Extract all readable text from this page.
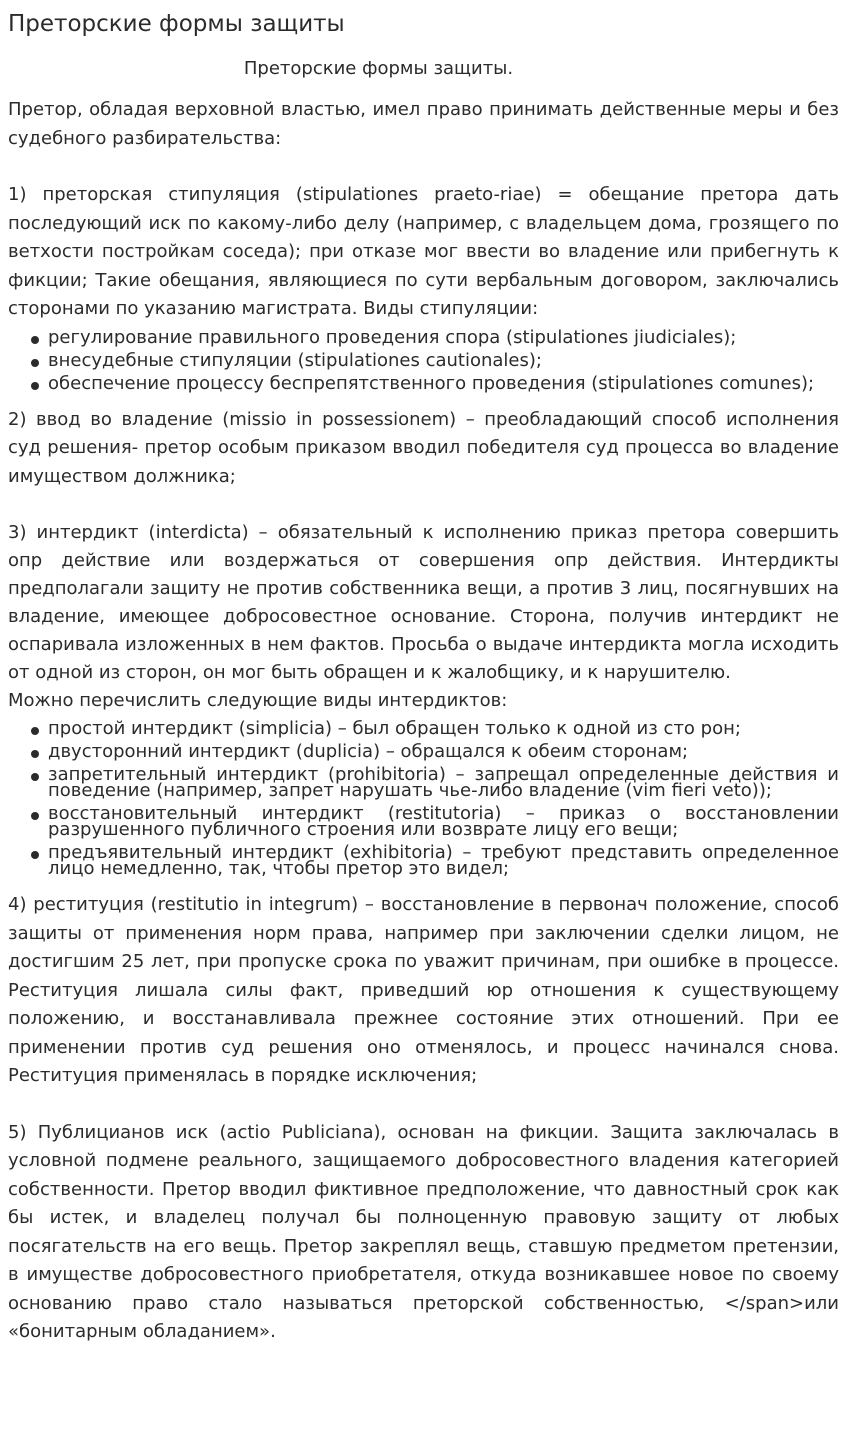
Преторские формы защиты
Преторские формы защиты.

Претор, обладая верховной властью, имел право принимать действенные меры и без судебного разбирательства:

1) преторская стипуляция (stipulationes praeto-riae) = обещание претора дать последующий иск по какому-либо делу (например, с владельцем дома, грозящего по ветхости постройкам соседа); при отказе мог ввести во владение или прибегнуть к фикции; Такие обещания, являющиеся по сути вербальным договором, заключались сторонами по указанию магистрата. Виды стипуляции:

регулирование правильного проведения спора (stipulationes jiudiciales);
внесудебные стипуляции (stipulationes cautionales);
обеспечение процессу беспрепятственного проведения (stipulationes comunes);

2) ввод во владение (missio in possessionem) – преобладающий способ исполнения суд решения- претор особым приказом вводил победителя суд процесса во владение имуществом должника;

3) интердикт (interdicta) – обязательный к исполнению приказ претора совершить опр действие или воздержаться от совершения опр действия. Интердикты предполагали защиту не против собственника вещи, а против 3 лиц, посягнувших на владение, имеющее добросовестное основание. Сторона, получив интердикт не оспаривала изложенных в нем фактов. Просьба о выдаче интердикта могла исходить от одной из сторон, он мог быть обращен и к жалобщику, и к нарушителю.

Можно перечислить следующие виды интердиктов:

простой интердикт (simplicia) – был обращен только к одной из сто рон;
двусторонний интердикт (duplicia) – обращался к обеим сторонам;
запретительный интердикт (prohibitoria) – запрещал определенные действия и поведение (например, запрет нарушать чье-либо владение (vim fieri veto));
восстановительный интердикт (restitutoria) – приказ о восстановлении разрушенного публичного строения или возврате лицу его вещи;
предъявительный интердикт (exhibitoria) – требуют представить определенное лицо немедленно, так, чтобы претор это видел;

4) реституция (restitutio in integrum) – восстановление в первонач положение, способ защиты от применения норм права, например при заключении сделки лицом, не достигшим 25 лет, при пропуске срока по уважит причинам, при ошибке в процессе. Реституция лишала силы факт, приведший юр отношения к существующему положению, и восстанавливала прежнее состояние этих отношений. При ее применении против суд решения оно отменялось, и процесс начинался снова. Реституция применялась в порядке исключения;

5) Публицианов иск (actio Publiciana), основан на фикции. Защита заключалась в условной подмене реального, защищаемого добросовестного владения категорией собственности. Претор вводил фиктивное предположение, что давностный срок как бы истек, и владелец получал бы полноценную правовую защиту от любых посягательств на его вещь. Претор закреплял вещь, ставшую предметом претензии, в имуществе добросовестного приобретателя, откуда возникавшее новое по своему основанию право стало называться преторской собственностью, </span>или «бонитарным обладанием».
